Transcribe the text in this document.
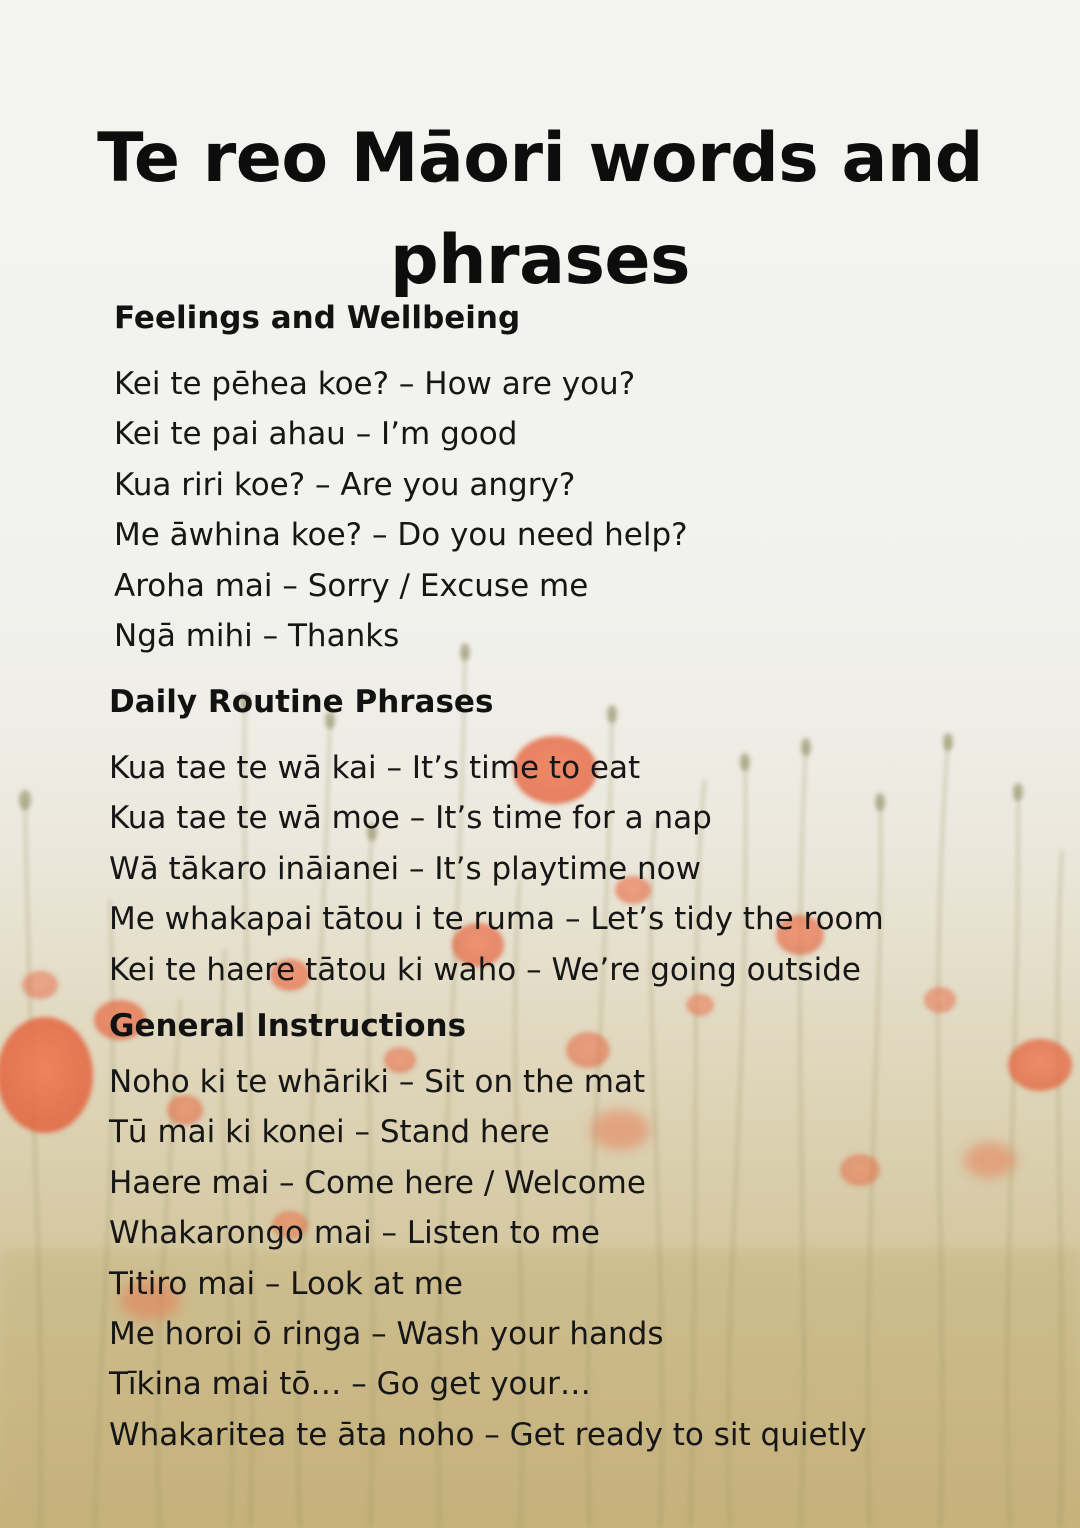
Te reo Māori words and phrases
Feelings and Wellbeing
Kei te pēhea koe? – How are you?
Kei te pai ahau – I’m good
Kua riri koe? – Are you angry?
Me āwhina koe? – Do you need help?
Aroha mai – Sorry / Excuse me
Ngā mihi – Thanks
Daily Routine Phrases
Kua tae te wā kai – It’s time to eat
Kua tae te wā moe – It’s time for a nap
Wā tākaro ināianei – It’s playtime now
Me whakapai tātou i te ruma – Let’s tidy the room
Kei te haere tātou ki waho – We’re going outside
General Instructions
Noho ki te whāriki – Sit on the mat
Tū mai ki konei – Stand here
Haere mai – Come here / Welcome
Whakarongo mai – Listen to me
Titiro mai – Look at me
Me horoi ō ringa – Wash your hands
Tīkina mai tō… – Go get your…
Whakaritea te āta noho – Get ready to sit quietly
